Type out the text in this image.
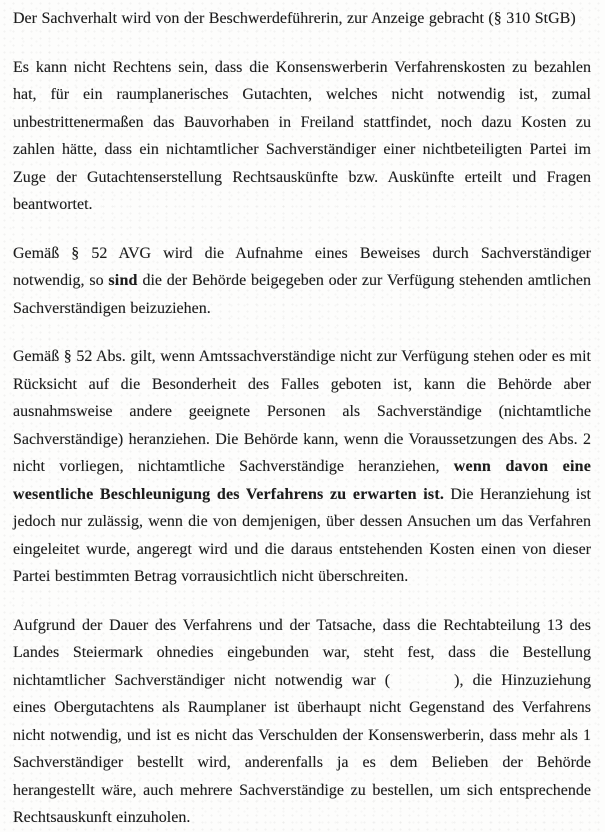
Der Sachverhalt wird von der Beschwerdeführerin, zur Anzeige gebracht (§ 310 StGB)

Es kann nicht Rechtens sein, dass die Konsenswerberin Verfahrenskosten zu bezahlen hat, für ein raumplanerisches Gutachten, welches nicht notwendig ist, zumal unbestrittenermaßen das Bauvorhaben in Freiland stattfindet, noch dazu Kosten zu zahlen hätte, dass ein nichtamtlicher Sachverständiger einer nichtbeteiligten Partei im Zuge der Gutachtenserstellung Rechtsauskünfte bzw. Auskünfte erteilt und Fragen beantwortet.

Gemäß § 52 AVG wird die Aufnahme eines Beweises durch Sachverständiger notwendig, so sind die der Behörde beigegeben oder zur Verfügung stehenden amtlichen Sachverständigen beizuziehen.

Gemäß § 52 Abs. gilt, wenn Amtssachverständige nicht zur Verfügung stehen oder es mit Rücksicht auf die Besonderheit des Falles geboten ist, kann die Behörde aber ausnahmsweise andere geeignete Personen als Sachverständige (nichtamtliche Sachverständige) heranziehen. Die Behörde kann, wenn die Voraussetzungen des Abs. 2 nicht vorliegen, nichtamtliche Sachverständige heranziehen, wenn davon eine wesentliche Beschleunigung des Verfahrens zu erwarten ist. Die Heranziehung ist jedoch nur zulässig, wenn die von demjenigen, über dessen Ansuchen um das Verfahren eingeleitet wurde, angeregt wird und die daraus entstehenden Kosten einen von dieser Partei bestimmten Betrag vorrausichtlich nicht überschreiten.

Aufgrund der Dauer des Verfahrens und der Tatsache, dass die Rechtabteilung 13 des Landes Steiermark ohnedies eingebunden war, steht fest, dass die Bestellung nichtamtlicher Sachverständiger nicht notwendig war (	), die Hinzuziehung eines Obergutachtens als Raumplaner ist überhaupt nicht Gegenstand des Verfahrens nicht notwendig, und ist es nicht das Verschulden der Konsenswerberin, dass mehr als 1 Sachverständiger bestellt wird, anderenfalls ja es dem Belieben der Behörde herangestellt wäre, auch mehrere Sachverständige zu bestellen, um sich entsprechende Rechtsauskunft einzuholen.
